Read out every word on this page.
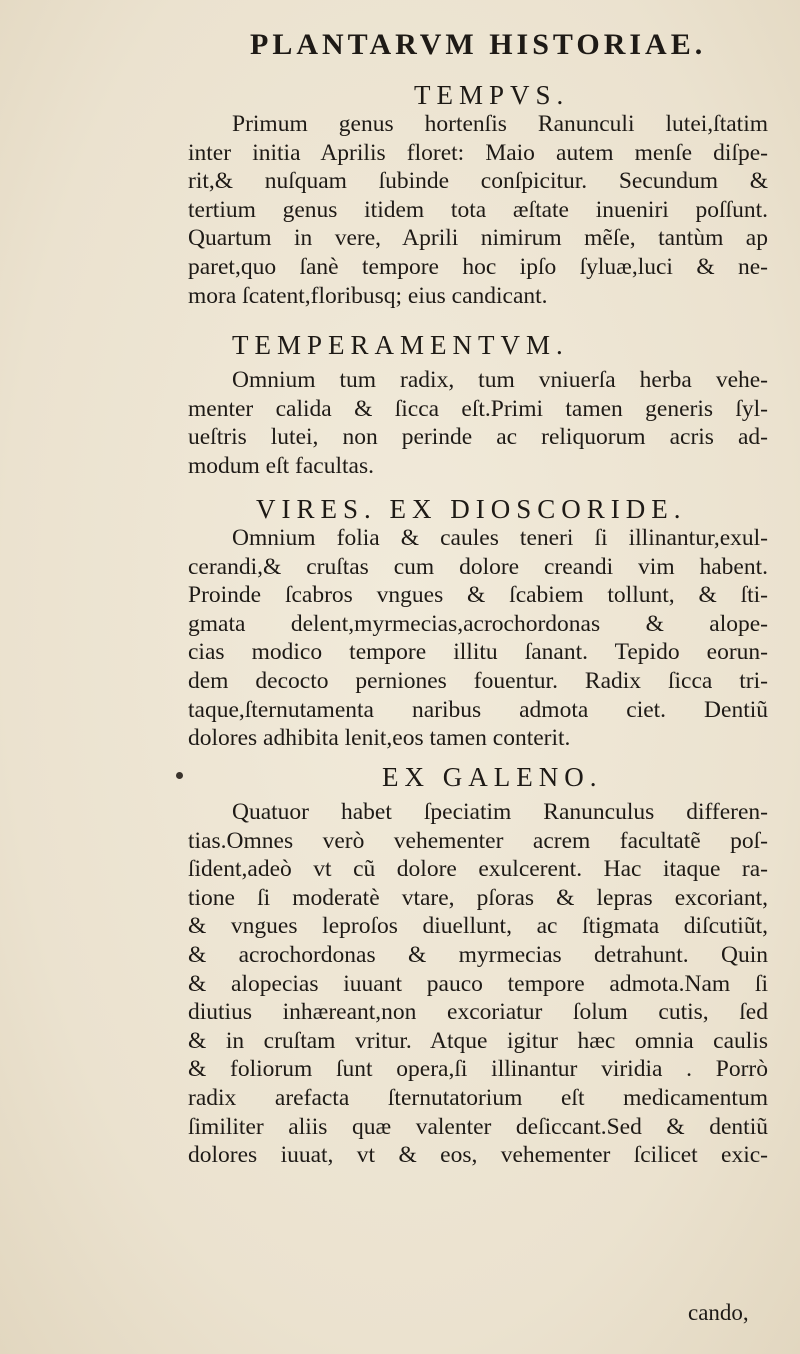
PLANTARVM HISTORIAE.
TEMPVS.
Primum genus hortenſis Ranunculi lutei,ſtatim
inter initia Aprilis floret: Maio autem menſe diſpe-
rit,& nuſquam ſubinde conſpicitur. Secundum &
tertium genus itidem tota æſtate inueniri poſſunt.
Quartum in vere, Aprili nimirum mẽſe, tantùm ap
paret,quo ſanè tempore hoc ipſo ſyluæ,luci & ne-
mora ſcatent,floribusq; eius candicant.
TEMPERAMENTVM.
Omnium tum radix, tum vniuerſa herba vehe-
menter calida & ſicca eſt.Primi tamen generis ſyl-
ueſtris lutei, non perinde ac reliquorum acris ad-
modum eſt facultas.
VIRES. EX DIOSCORIDE.
Omnium folia & caules teneri ſi illinantur,exul-
cerandi,& cruſtas cum dolore creandi vim habent.
Proinde ſcabros vngues & ſcabiem tollunt, & ſti-
gmata delent,myrmecias,acrochordonas & alope-
cias modico tempore illitu ſanant. Tepido eorun-
dem decocto perniones fouentur. Radix ſicca tri-
taque,ſternutamenta naribus admota ciet. Dentiũ
dolores adhibita lenit,eos tamen conterit.
EX GALENO.
Quatuor habet ſpeciatim Ranunculus differen-
tias.Omnes verò vehementer acrem facultatẽ poſ-
ſident,adeò vt cũ dolore exulcerent. Hac itaque ra-
tione ſi moderatè vtare, pſoras & lepras excoriant,
& vngues leproſos diuellunt, ac ſtigmata diſcutiũt,
& acrochordonas & myrmecias detrahunt. Quin
& alopecias iuuant pauco tempore admota.Nam ſi
diutius inhæreant,non excoriatur ſolum cutis, ſed
& in cruſtam vritur. Atque igitur hæc omnia caulis
& foliorum ſunt opera,ſi illinantur viridia . Porrò
radix arefacta ſternutatorium eſt medicamentum
ſimiliter aliis quæ valenter deſiccant.Sed & dentiũ
dolores iuuat, vt & eos, vehementer ſcilicet exic-
cando,
